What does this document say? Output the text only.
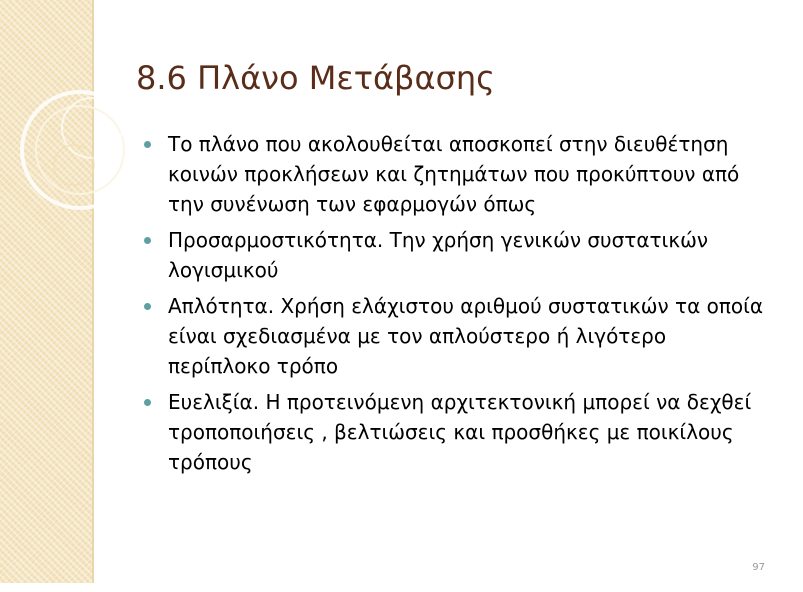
8.6 Πλάνο Μετάβασης
Το πλάνο που ακολουθείται αποσκοπεί στην διευθέτηση κοινών προκλήσεων και ζητημάτων που προκύπτουν από την συνένωση των εφαρμογών όπως
Προσαρμοστικότητα. Την χρήση γενικών συστατικών λογισμικού
Απλότητα. Χρήση ελάχιστου αριθμού συστατικών τα οποία είναι σχεδιασμένα με τον απλούστερο ή λιγότερο περίπλοκο τρόπο
Ευελιξία. Η προτεινόμενη αρχιτεκτονική μπορεί να δεχθεί τροποποιήσεις , βελτιώσεις και προσθήκες με ποικίλους τρόπους
97
